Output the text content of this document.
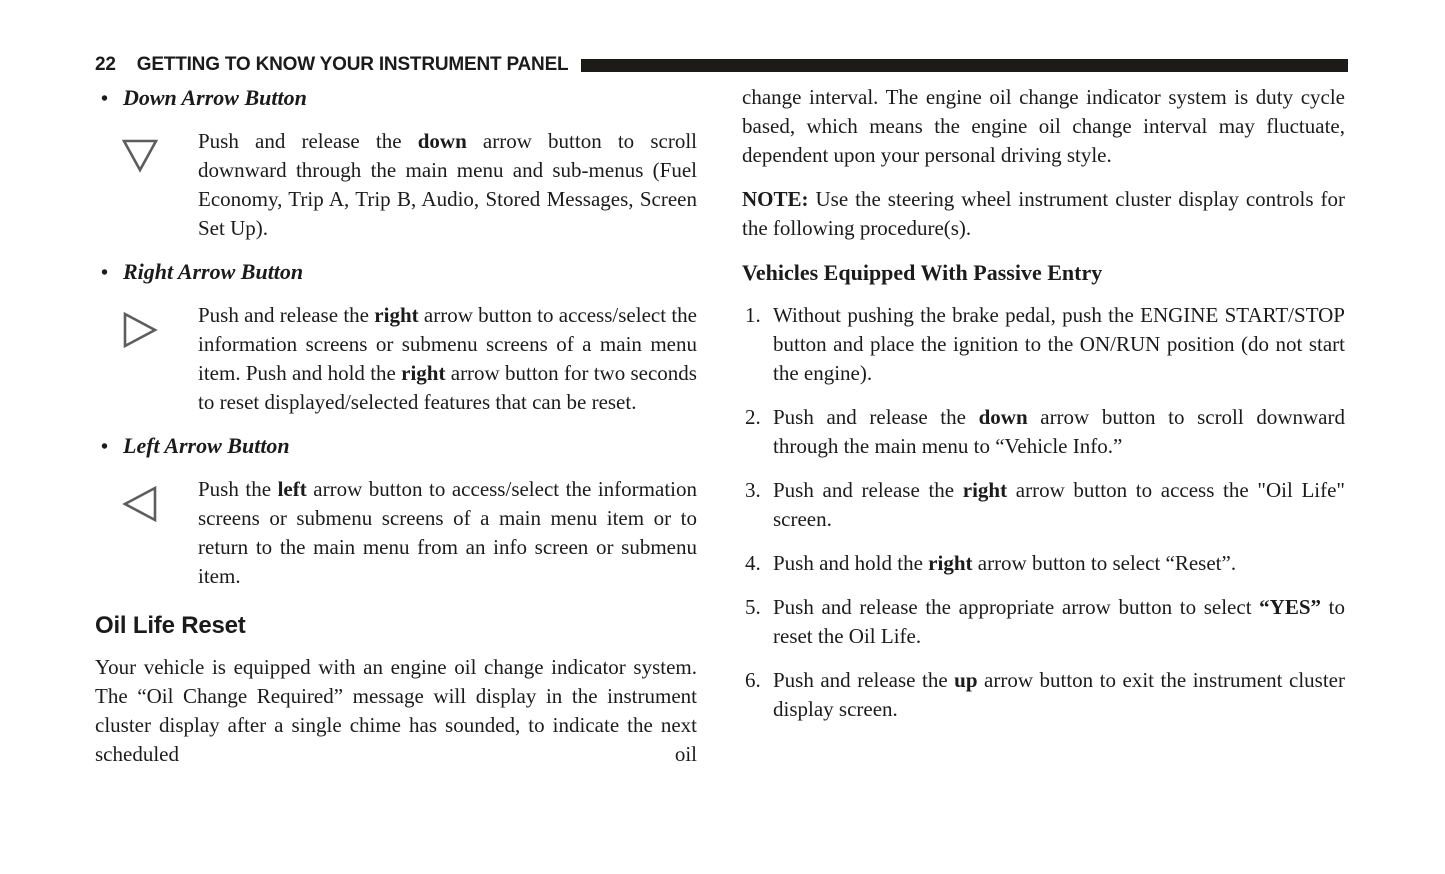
22 GETTING TO KNOW YOUR INSTRUMENT PANEL
• Down Arrow Button

Push and release the down arrow button to scroll downward through the main menu and sub-menus (Fuel Economy, Trip A, Trip B, Audio, Stored Messages, Screen Set Up).

• Right Arrow Button

Push and release the right arrow button to access/select the information screens or submenu screens of a main menu item. Push and hold the right arrow button for two seconds to reset displayed/selected features that can be reset.

• Left Arrow Button

Push the left arrow button to access/select the information screens or submenu screens of a main menu item or to return to the main menu from an info screen or submenu item.

Oil Life Reset

Your vehicle is equipped with an engine oil change indicator system. The “Oil Change Required” message will display in the instrument cluster display after a single chime has sounded, to indicate the next scheduled oil

change interval. The engine oil change indicator system is duty cycle based, which means the engine oil change interval may fluctuate, dependent upon your personal driving style.

NOTE: Use the steering wheel instrument cluster display controls for the following procedure(s).

Vehicles Equipped With Passive Entry
1. Without pushing the brake pedal, push the ENGINE START/STOP button and place the ignition to the ON/RUN position (do not start the engine).
2. Push and release the down arrow button to scroll downward through the main menu to “Vehicle Info.”
3. Push and release the right arrow button to access the "Oil Life" screen.
4. Push and hold the right arrow button to select “Reset”.
5. Push and release the appropriate arrow button to select “YES” to reset the Oil Life.
6. Push and release the up arrow button to exit the instrument cluster display screen.
